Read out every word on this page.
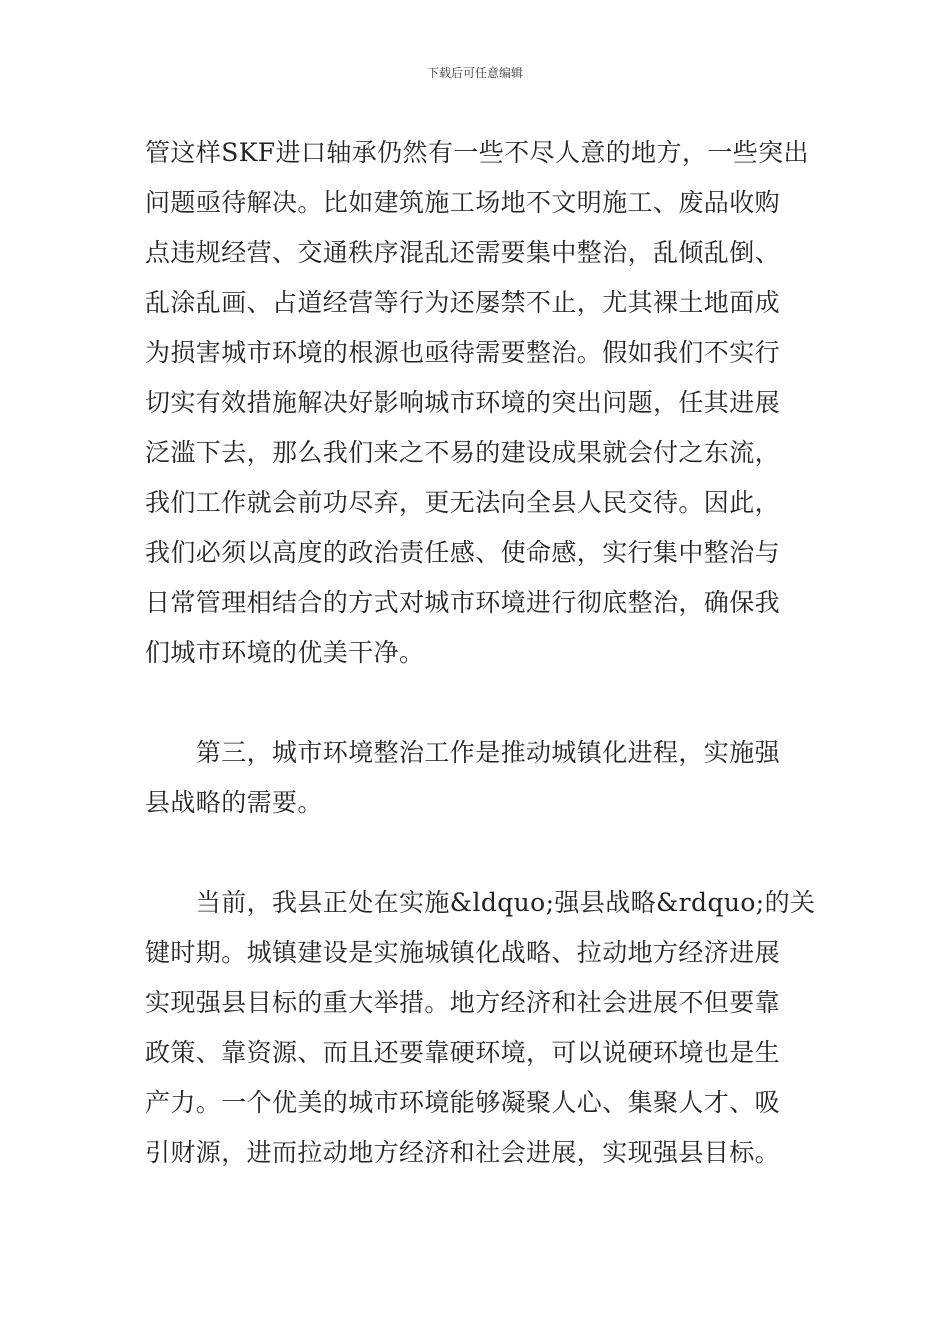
下载后可任意编辑
管这样SKF进口轴承仍然有一些不尽人意的地方，一些突出
问题亟待解决。比如建筑施工场地不文明施工、废品收购
点违规经营、交通秩序混乱还需要集中整治，乱倾乱倒、
乱涂乱画、占道经营等行为还屡禁不止，尤其裸土地面成
为损害城市环境的根源也亟待需要整治。假如我们不实行
切实有效措施解决好影响城市环境的突出问题，任其进展
泛滥下去，那么我们来之不易的建设成果就会付之东流，
我们工作就会前功尽弃，更无法向全县人民交待。因此，
我们必须以高度的政治责任感、使命感，实行集中整治与
日常管理相结合的方式对城市环境进行彻底整治，确保我
们城市环境的优美干净。
　　第三，城市环境整治工作是推动城镇化进程，实施强
县战略的需要。
　　当前，我县正处在实施&ldquo;强县战略&rdquo;的关
键时期。城镇建设是实施城镇化战略、拉动地方经济进展
实现强县目标的重大举措。地方经济和社会进展不但要靠
政策、靠资源、而且还要靠硬环境，可以说硬环境也是生
产力。一个优美的城市环境能够凝聚人心、集聚人才、吸
引财源，进而拉动地方经济和社会进展，实现强县目标。
